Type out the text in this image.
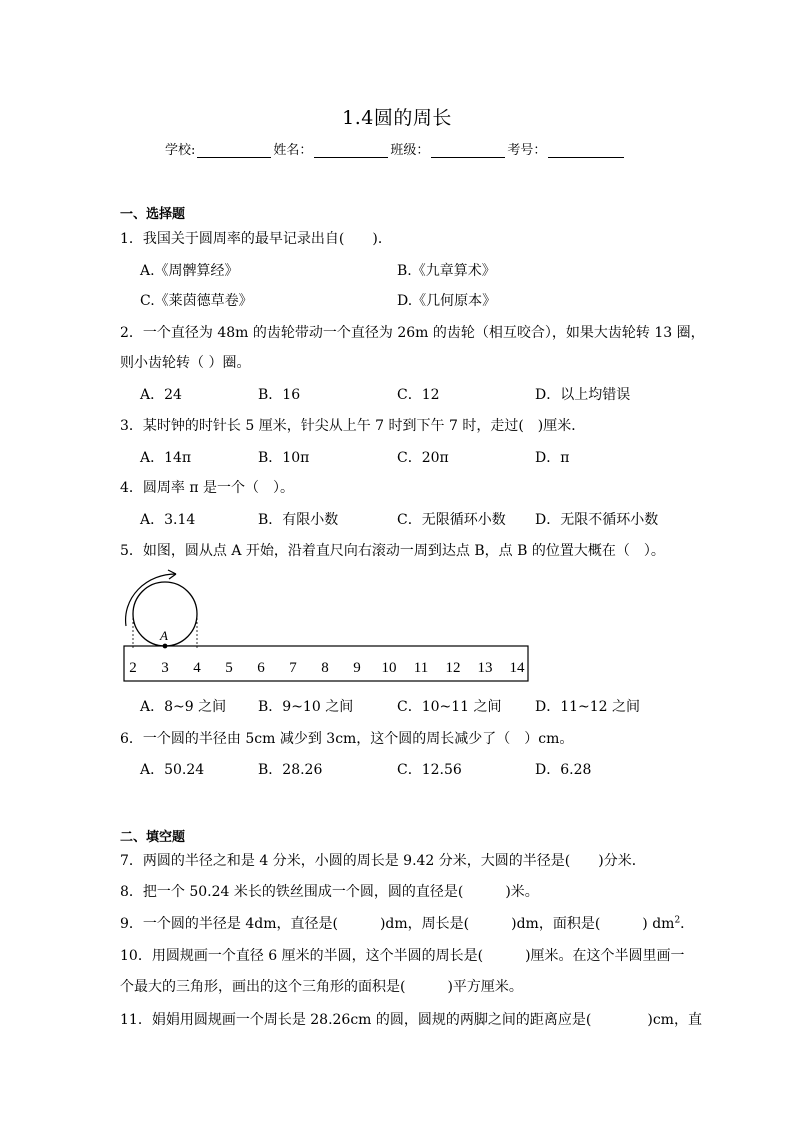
1.4圆的周长
学校:	姓名：	班级：	考号：
一、选择题
1．我国关于圆周率的最早记录出自(　　)．
A.《周髀算经》	B.《九章算术》
C.《莱茵德草卷》	D.《几何原本》
2．一个直径为 48m 的齿轮带动一个直径为 26m 的齿轮（相互咬合），如果大齿轮转 13 圈，
则小齿轮转（ ）圈。
A．24	B．16	C．12	D．以上均错误
3．某时钟的时针长 5 厘米，针尖从上午 7 时到下午 7 时，走过(　)厘米．
A．14π	B．10π	C．20π	D．π
4．圆周率 π 是一个（　）。
A．3.14	B．有限小数	C．无限循环小数 D．无限不循环小数
5．如图，圆从点 A 开始，沿着直尺向右滚动一周到达点 B，点 B 的位置大概在（　）。
A
2 3 4 5 6 7 8 9 10 11 12 13 14
A．8~9 之间 B．9~10 之间	C．10~11 之间 D．11~12 之间
6．一个圆的半径由 5cm 减少到 3cm，这个圆的周长减少了（　）cm。
A．50.24	B．28.26	C．12.56	D．6.28
二、填空题
7．两圆的半径之和是 4 分米，小圆的周长是 9.42 分米，大圆的半径是(　　)分米．
8．把一个 50.24 米长的铁丝围成一个圆，圆的直径是(　　　)米。
9．一个圆的半径是 4dm，直径是(　　　)dm，周长是(　　　)dm，面积是(　　　) $dm^2$．
10．用圆规画一个直径 6 厘米的半圆，这个半圆的周长是(　　　)厘米。在这个半圆里画一
个最大的三角形，画出的这个三角形的面积是(　　　)平方厘米。
11．娟娟用圆规画一个周长是 28.26cm 的圆，圆规的两脚之间的距离应是(　　　　)cm，直
